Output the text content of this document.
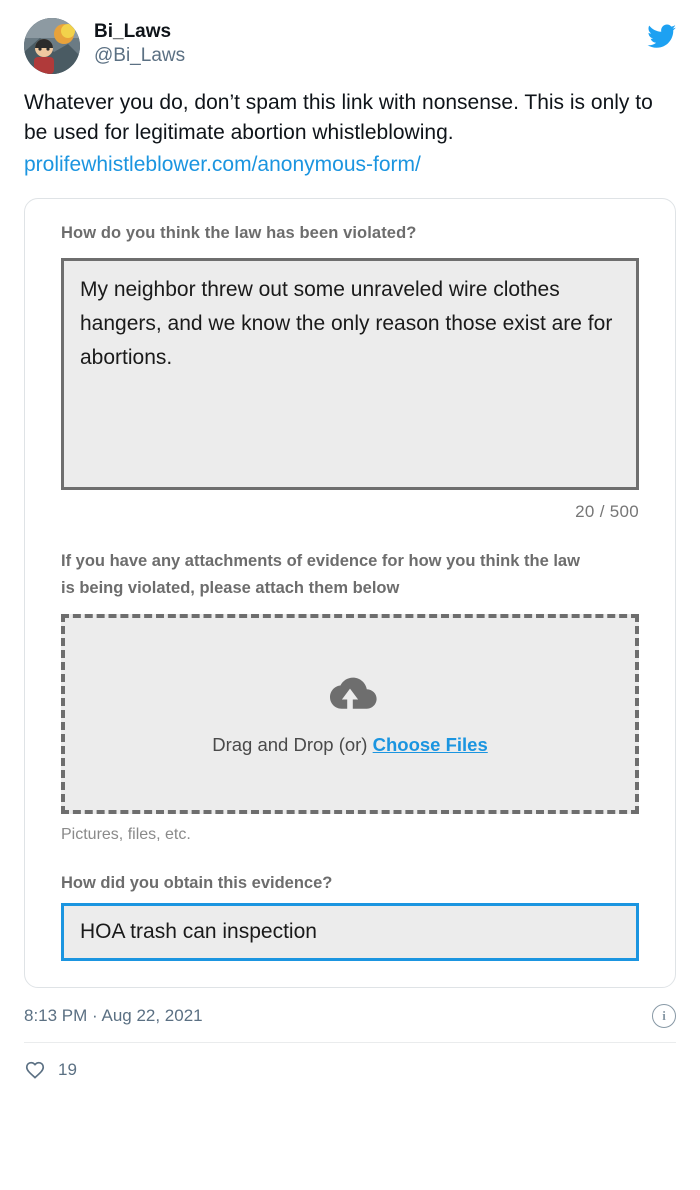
Bi_Laws
@Bi_Laws
Whatever you do, don’t spam this link with nonsense. This is only to be used for legitimate abortion whistleblowing.
prolifewhistleblower.com/anonymous-form/
How do you think the law has been violated?
My neighbor threw out some unraveled wire clothes hangers, and we know the only reason those exist are for abortions.
20 / 500
If you have any attachments of evidence for how you think the law is being violated, please attach them below
Drag and Drop (or) Choose Files
Pictures, files, etc.
How did you obtain this evidence?
HOA trash can inspection
8:13 PM · Aug 22, 2021	i
19
